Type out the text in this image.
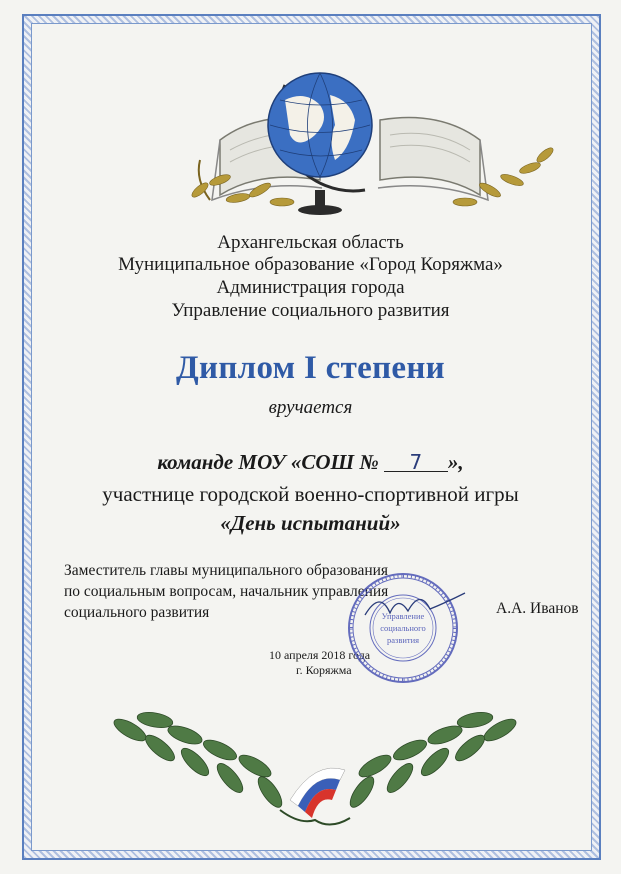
Архангельская область
Муниципальное образование «Город Коряжма»
Администрация города
Управление социального развития
Диплом I степени
вручается
команде МОУ «СОШ № 7 »,
участнице городской военно-спортивной игры
«День испытаний»
Заместитель главы муниципального образования
по социальным вопросам, начальник управления
социального развития	А.А. Иванов
10 апреля 2018 года
г. Коряжма
Управление
социального
развития
